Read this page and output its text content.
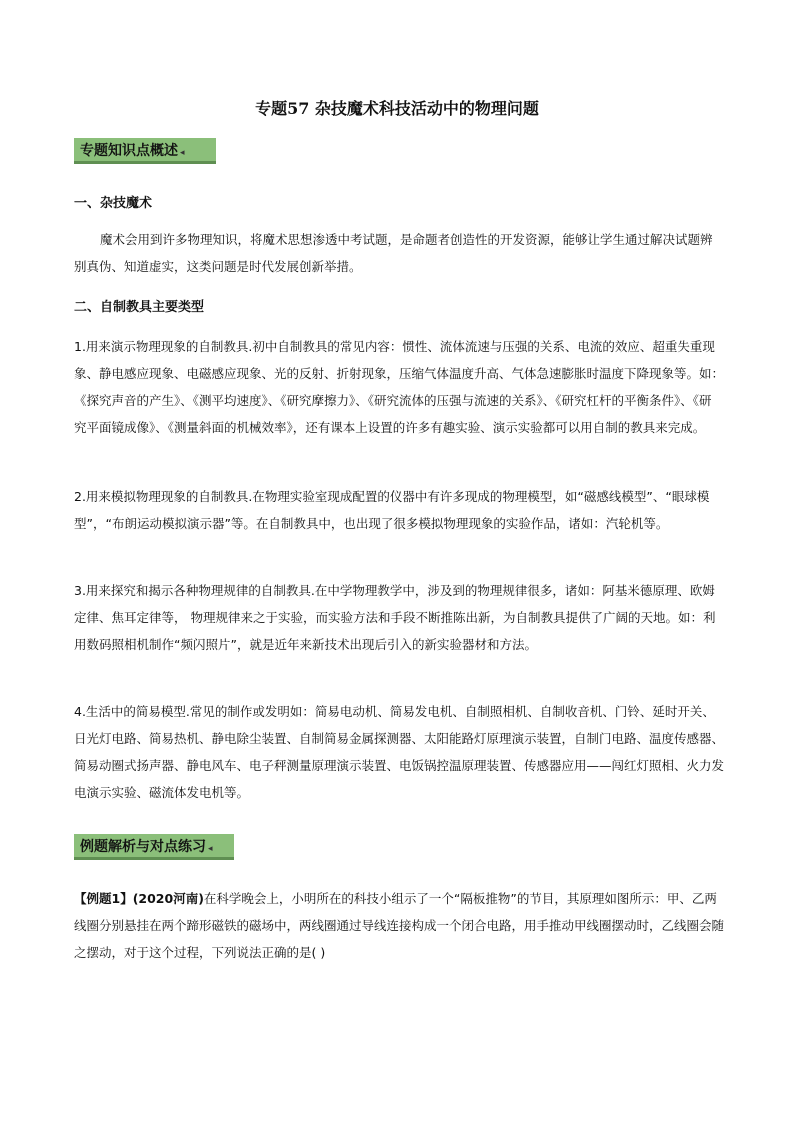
专题57 杂技魔术科技活动中的物理问题
专题知识点概述 ◂
一、杂技魔术
魔术会用到许多物理知识，将魔术思想渗透中考试题，是命题者创造性的开发资源，能够让学生通过解决试题辨别真伪、知道虚实，这类问题是时代发展创新举措。
二、自制教具主要类型
1.用来演示物理现象的自制教具.初中自制教具的常见内容：惯性、流体流速与压强的关系、电流的效应、超重失重现象、静电感应现象、电磁感应现象、光的反射、折射现象，压缩气体温度升高、气体急速膨胀时温度下降现象等。如：《探究声音的产生》、《测平均速度》、《研究摩擦力》、《研究流体的压强与流速的关系》、《研究杠杆的平衡条件》、《研究平面镜成像》、《测量斜面的机械效率》，还有课本上设置的许多有趣实验、演示实验都可以用自制的教具来完成。
2.用来模拟物理现象的自制教具.在物理实验室现成配置的仪器中有许多现成的物理模型，如“磁感线模型”、“眼球模型”，“布朗运动模拟演示器”等。在自制教具中，也出现了很多模拟物理现象的实验作品，诸如：汽轮机等。
3.用来探究和揭示各种物理规律的自制教具.在中学物理教学中，涉及到的物理规律很多，诸如：阿基米德原理、欧姆定律、焦耳定律等， 物理规律来之于实验，而实验方法和手段不断推陈出新，为自制教具提供了广阔的天地。如：利用数码照相机制作“频闪照片”，就是近年来新技术出现后引入的新实验器材和方法。
4.生活中的简易模型.常见的制作或发明如：简易电动机、简易发电机、自制照相机、自制收音机、门铃、延时开关、日光灯电路、简易热机、静电除尘装置、自制简易金属探测器、太阳能路灯原理演示装置，自制门电路、温度传感器、简易动圈式扬声器、静电风车、电子秤测量原理演示装置、电饭锅控温原理装置、传感器应用——闯红灯照相、火力发电演示实验、磁流体发电机等。
例题解析与对点练习 ◂
【例题1】(2020河南)在科学晚会上，小明所在的科技小组示了一个“隔板推物”的节目，其原理如图所示：甲、乙两线圈分别悬挂在两个蹄形磁铁的磁场中，两线圈通过导线连接构成一个闭合电路，用手推动甲线圈摆动时，乙线圈会随之摆动，对于这个过程，下列说法正确的是( )
